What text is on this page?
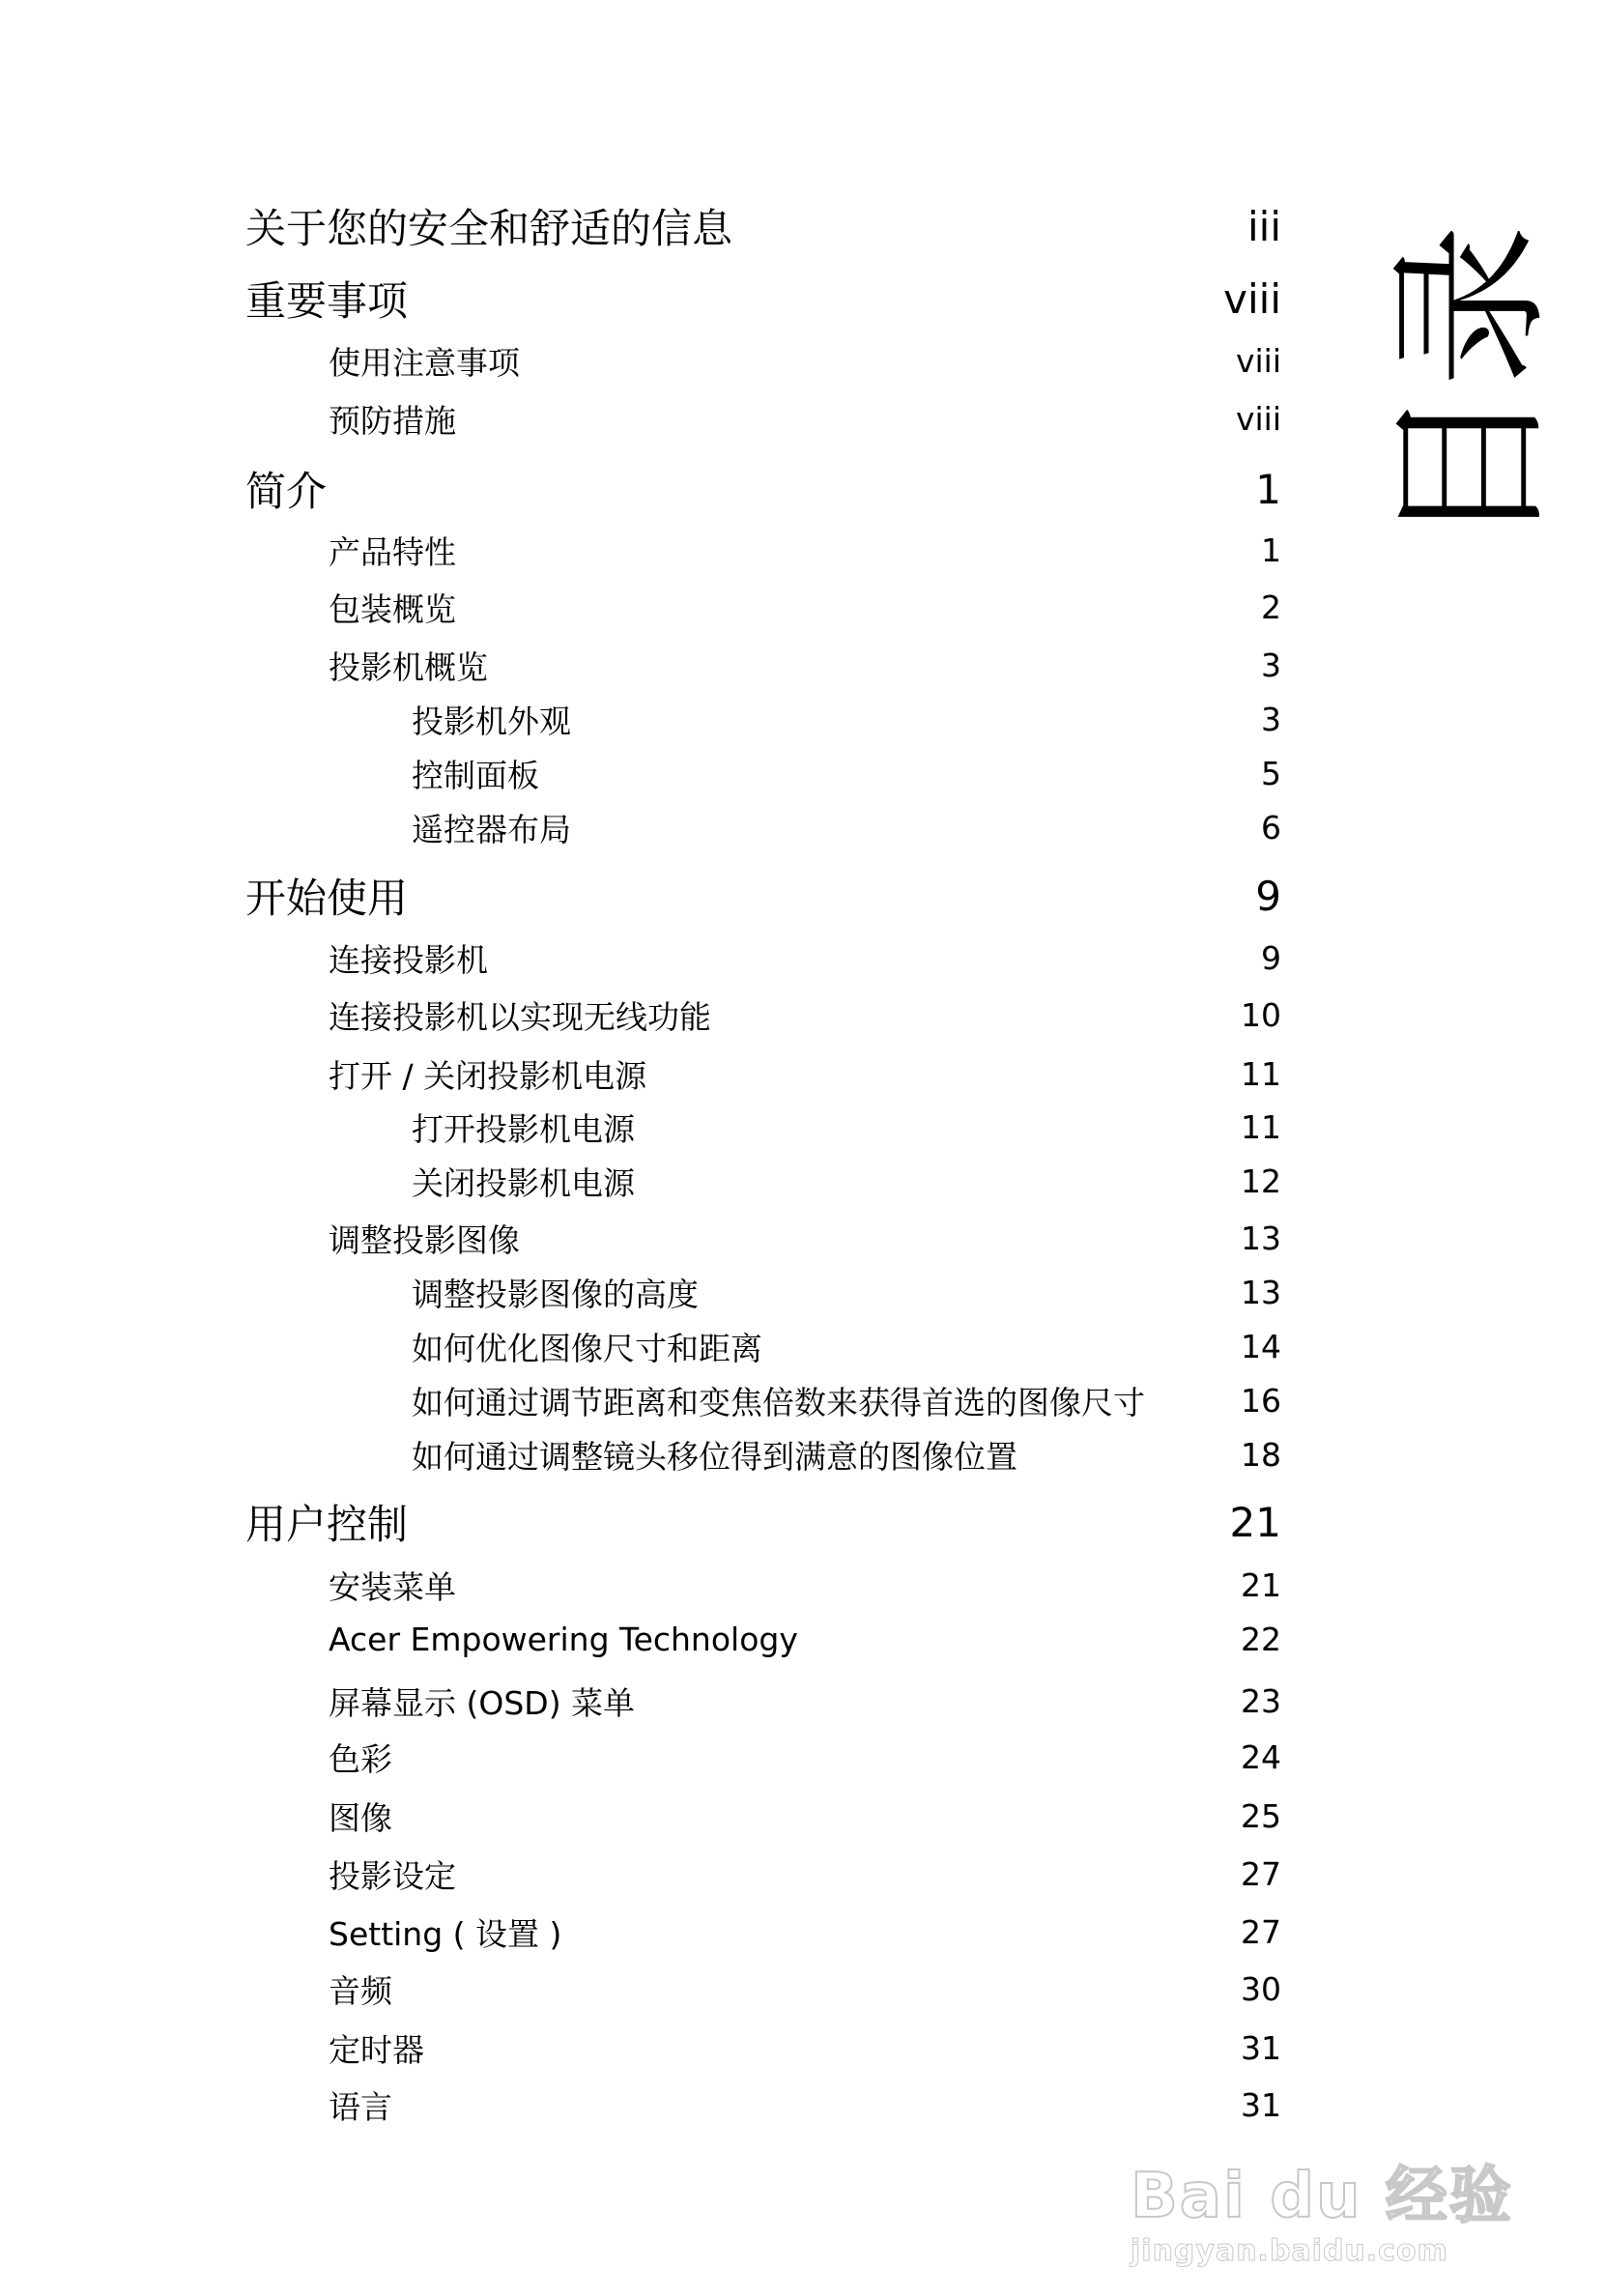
目录
关于您的安全和舒适的信息	iii
重要事项	viii
使用注意事项	viii
预防措施	viii
简介	1
产品特性	1
包装概览	2
投影机概览	3
投影机外观	3
控制面板	5
遥控器布局	6
开始使用	9
连接投影机	9
连接投影机以实现无线功能	10
打开 / 关闭投影机电源	11
打开投影机电源	11
关闭投影机电源	12
调整投影图像	13
调整投影图像的高度	13
如何优化图像尺寸和距离	14
如何通过调节距离和变焦倍数来获得首选的图像尺寸	16
如何通过调整镜头移位得到满意的图像位置	18
用户控制	21
安装菜单	21
Acer Empowering Technology	22
屏幕显示 (OSD) 菜单	23
色彩	24
图像	25
投影设定	27
Setting ( 设置 )	27
音频	30
定时器	31
语言	31
Bai du 经验
jingyan.baidu.com
